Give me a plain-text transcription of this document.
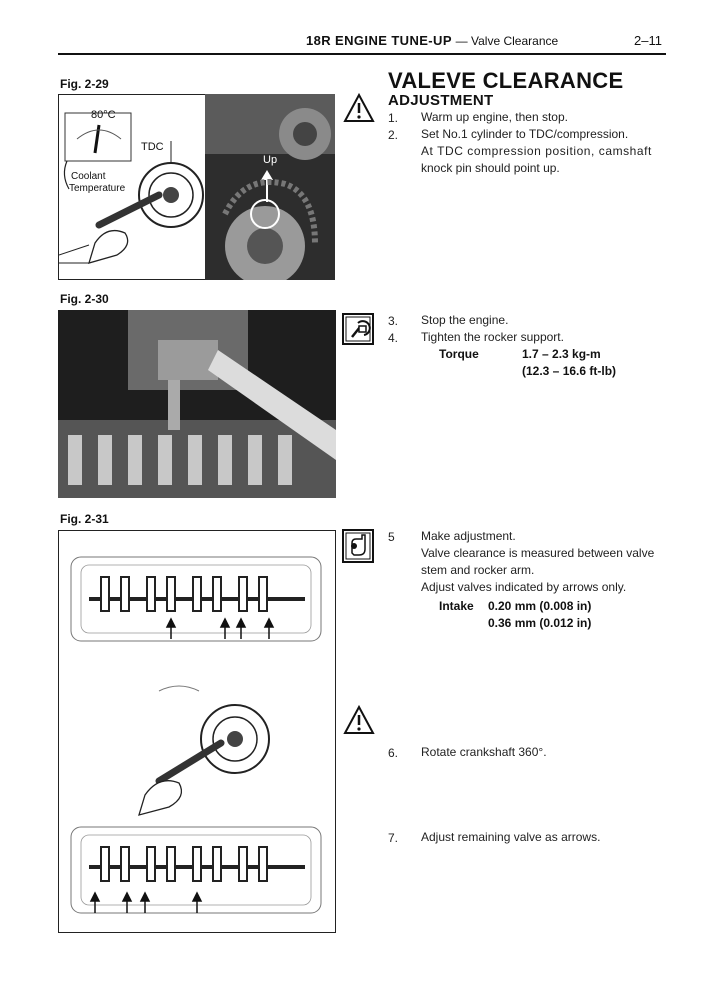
18R ENGINE TUNE-UP — Valve Clearance	2–11
Fig. 2-29
80°C
TDC
Coolant
Temperature
Up
Fig. 2-30
Fig. 2-31
VALEVE CLEARANCE
ADJUSTMENT
1. Warm up engine, then stop.
2. Set No.1 cylinder to TDC/compression.
At TDC compression position, camshaft
knock pin should point up.
3. Stop the engine.
4. Tighten the rocker support.
Torque	1.7 – 2.3 kg-m
(12.3 – 16.6 ft-lb)
5 Make adjustment.
Valve clearance is measured between valve
stem and rocker arm.
Adjust valves indicated by arrows only.
Intake 0.20 mm (0.008 in)
0.36 mm (0.012 in)
6. Rotate crankshaft 360°.
7. Adjust remaining valve as arrows.
